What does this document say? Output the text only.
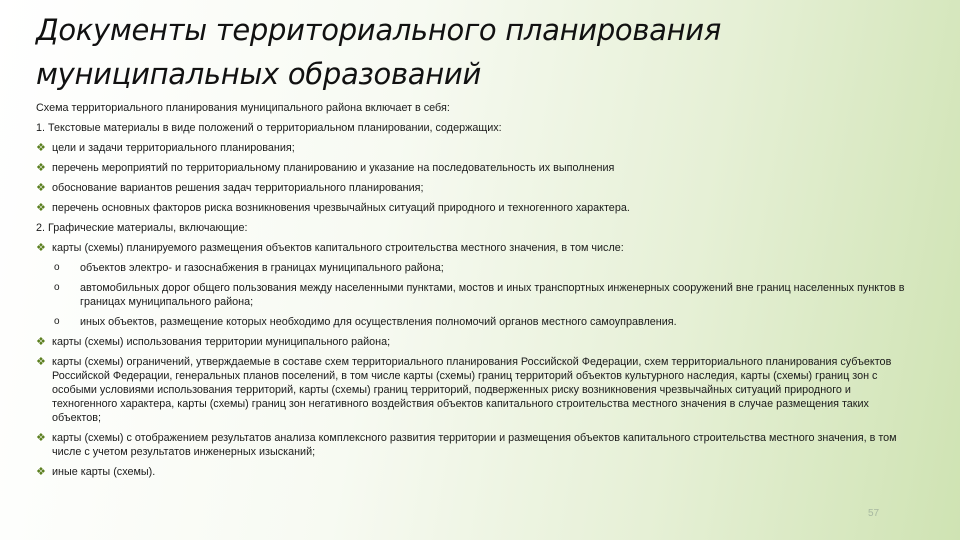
Документы территориального планирования
муниципальных образований
Схема территориального планирования муниципального района включает в себя:
1. Текстовые материалы в виде положений о территориальном планировании, содержащих:
❖ цели и задачи территориального планирования;
❖ перечень мероприятий по территориальному планированию и указание на последовательность их выполнения
❖ обоснование вариантов решения задач территориального планирования;
❖ перечень основных факторов риска возникновения чрезвычайных ситуаций природного и техногенного характера.
2. Графические материалы, включающие:
❖ карты (схемы) планируемого размещения объектов капитального строительства местного значения, в том числе:
o	объектов электро- и газоснабжения в границах муниципального района;
o	автомобильных дорог общего пользования между населенными пунктами, мостов и иных транспортных инженерных сооружений вне границ населенных пунктов в границах муниципального района;
o	иных объектов, размещение которых необходимо для осуществления полномочий органов местного самоуправления.
❖ карты (схемы) использования территории муниципального района;
❖ карты (схемы) ограничений, утверждаемые в составе схем территориального планирования Российской Федерации, схем территориального планирования субъектов Российской Федерации, генеральных планов поселений, в том числе карты (схемы) границ территорий объектов культурного наследия, карты (схемы) границ зон с особыми условиями использования территорий, карты (схемы) границ территорий, подверженных риску возникновения чрезвычайных ситуаций природного и техногенного характера, карты (схемы) границ зон негативного воздействия объектов капитального строительства местного значения в случае размещения таких объектов;
❖ карты (схемы) с отображением результатов анализа комплексного развития территории и размещения объектов капитального строительства местного значения, в том числе с учетом результатов инженерных изысканий;
❖ иные карты (схемы).
57
